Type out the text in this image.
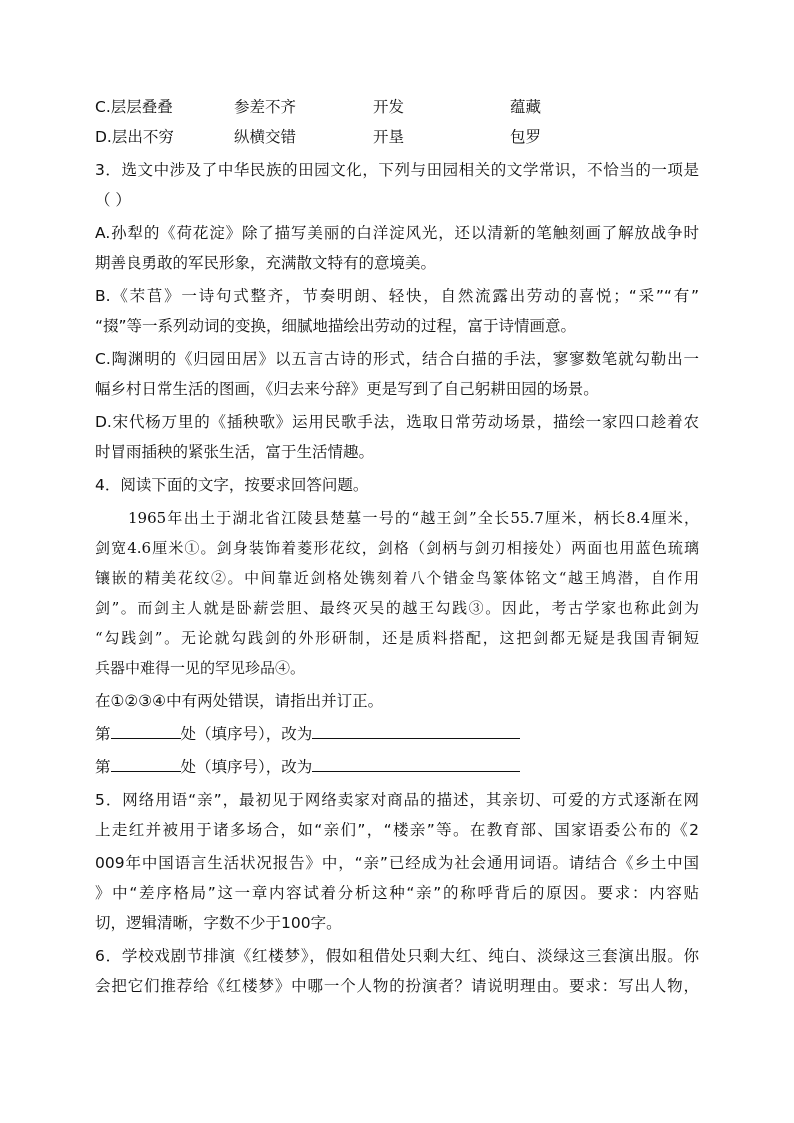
C.层层叠叠	参差不齐	开发	蕴藏
D.层出不穷	纵横交错	开垦	包罗
3．选文中涉及了中华民族的田园文化，下列与田园相关的文学常识，不恰当的一项是
（ ）
A.孙犁的《荷花淀》除了描写美丽的白洋淀风光，还以清新的笔触刻画了解放战争时
期善良勇敢的军民形象，充满散文特有的意境美。
B.《芣苢》一诗句式整齐，节奏明朗、轻快，自然流露出劳动的喜悦；“采”“有”
“掇”等一系列动词的变换，细腻地描绘出劳动的过程，富于诗情画意。
C.陶渊明的《归园田居》以五言古诗的形式，结合白描的手法，寥寥数笔就勾勒出一
幅乡村日常生活的图画，《归去来兮辞》更是写到了自己躬耕田园的场景。
D.宋代杨万里的《插秧歌》运用民歌手法，选取日常劳动场景，描绘一家四口趁着农
时冒雨插秧的紧张生活，富于生活情趣。
4．阅读下面的文字，按要求回答问题。
1965年出土于湖北省江陵县楚墓一号的“越王剑”全长55.7厘米，柄长8.4厘米，
剑宽4.6厘米①。剑身装饰着菱形花纹，剑格（剑柄与剑刃相接处）两面也用蓝色琉璃
镶嵌的精美花纹②。中间靠近剑格处镌刻着八个错金鸟篆体铭文“越王鸠潜，自作用
剑”。而剑主人就是卧薪尝胆、最终灭吴的越王勾践③。因此，考古学家也称此剑为
“勾践剑”。无论就勾践剑的外形研制，还是质料搭配，这把剑都无疑是我国青铜短
兵器中难得一见的罕见珍品④。
在①②③④中有两处错误，请指出并订正。
第	处（填序号），改为
第	处（填序号），改为
5．网络用语“亲”，最初见于网络卖家对商品的描述，其亲切、可爱的方式逐渐在网
上走红并被用于诸多场合，如“亲们”，“楼亲”等。在教育部、国家语委公布的《2
009年中国语言生活状况报告》中，“亲”已经成为社会通用词语。请结合《乡土中国
》中“差序格局”这一章内容试着分析这种“亲”的称呼背后的原因。要求：内容贴
切，逻辑清晰，字数不少于100字。
6．学校戏剧节排演《红楼梦》，假如租借处只剩大红、纯白、淡绿这三套演出服。你
会把它们推荐给《红楼梦》中哪一个人物的扮演者？请说明理由。要求：写出人物，
